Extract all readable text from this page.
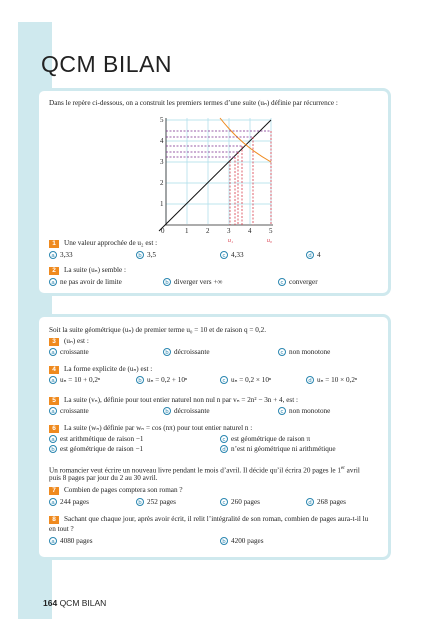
QCM BILAN
Dans le repère ci-dessous, on a construit les premiers termes d’une suite (uₙ) définie par récurrence :
1
2
3
4
5
1	2	3	4	5
0
u₁	u₀
1	Une valeur approchée de u₂ est :
a 3,33	b 3,5	c 4,33	d 4
2	La suite (uₙ) semble :
a ne pas avoir de limite	b diverger vers +∞	c converger
Soit la suite géométrique (uₙ) de premier terme u₀ = 10 et de raison q = 0,2.
3	(uₙ) est :
a croissante	b décroissante	c non monotone
4	La forme explicite de (uₙ) est :
a uₙ = 10 + 0,2ⁿ	b uₙ = 0,2 + 10ⁿ	c uₙ = 0,2 × 10ⁿ	d uₙ = 10 × 0,2ⁿ
5	La suite (vₙ), définie pour tout entier naturel non nul n par vₙ = 2n² − 3n + 4, est :
a croissante	b décroissante	c non monotone
6	La suite (wₙ) définie par wₙ = cos (nπ) pour tout entier naturel n :
a est arithmétique de raison −1
b est géométrique de raison −1
c est géométrique de raison π
d n’est ni géométrique ni arithmétique
Un romancier veut écrire un nouveau livre pendant le mois d’avril. Il décide qu’il écrira 20 pages le 1er avril
puis 8 pages par jour du 2 au 30 avril.
7	Combien de pages comptera son roman ?
a 244 pages	b 252 pages	c 260 pages	d 268 pages
8	Sachant que chaque jour, après avoir écrit, il relit l’intégralité de son roman, combien de pages aura-t-il lu
en tout ?
a 4080 pages	b 4200 pages
164 QCM BILAN
